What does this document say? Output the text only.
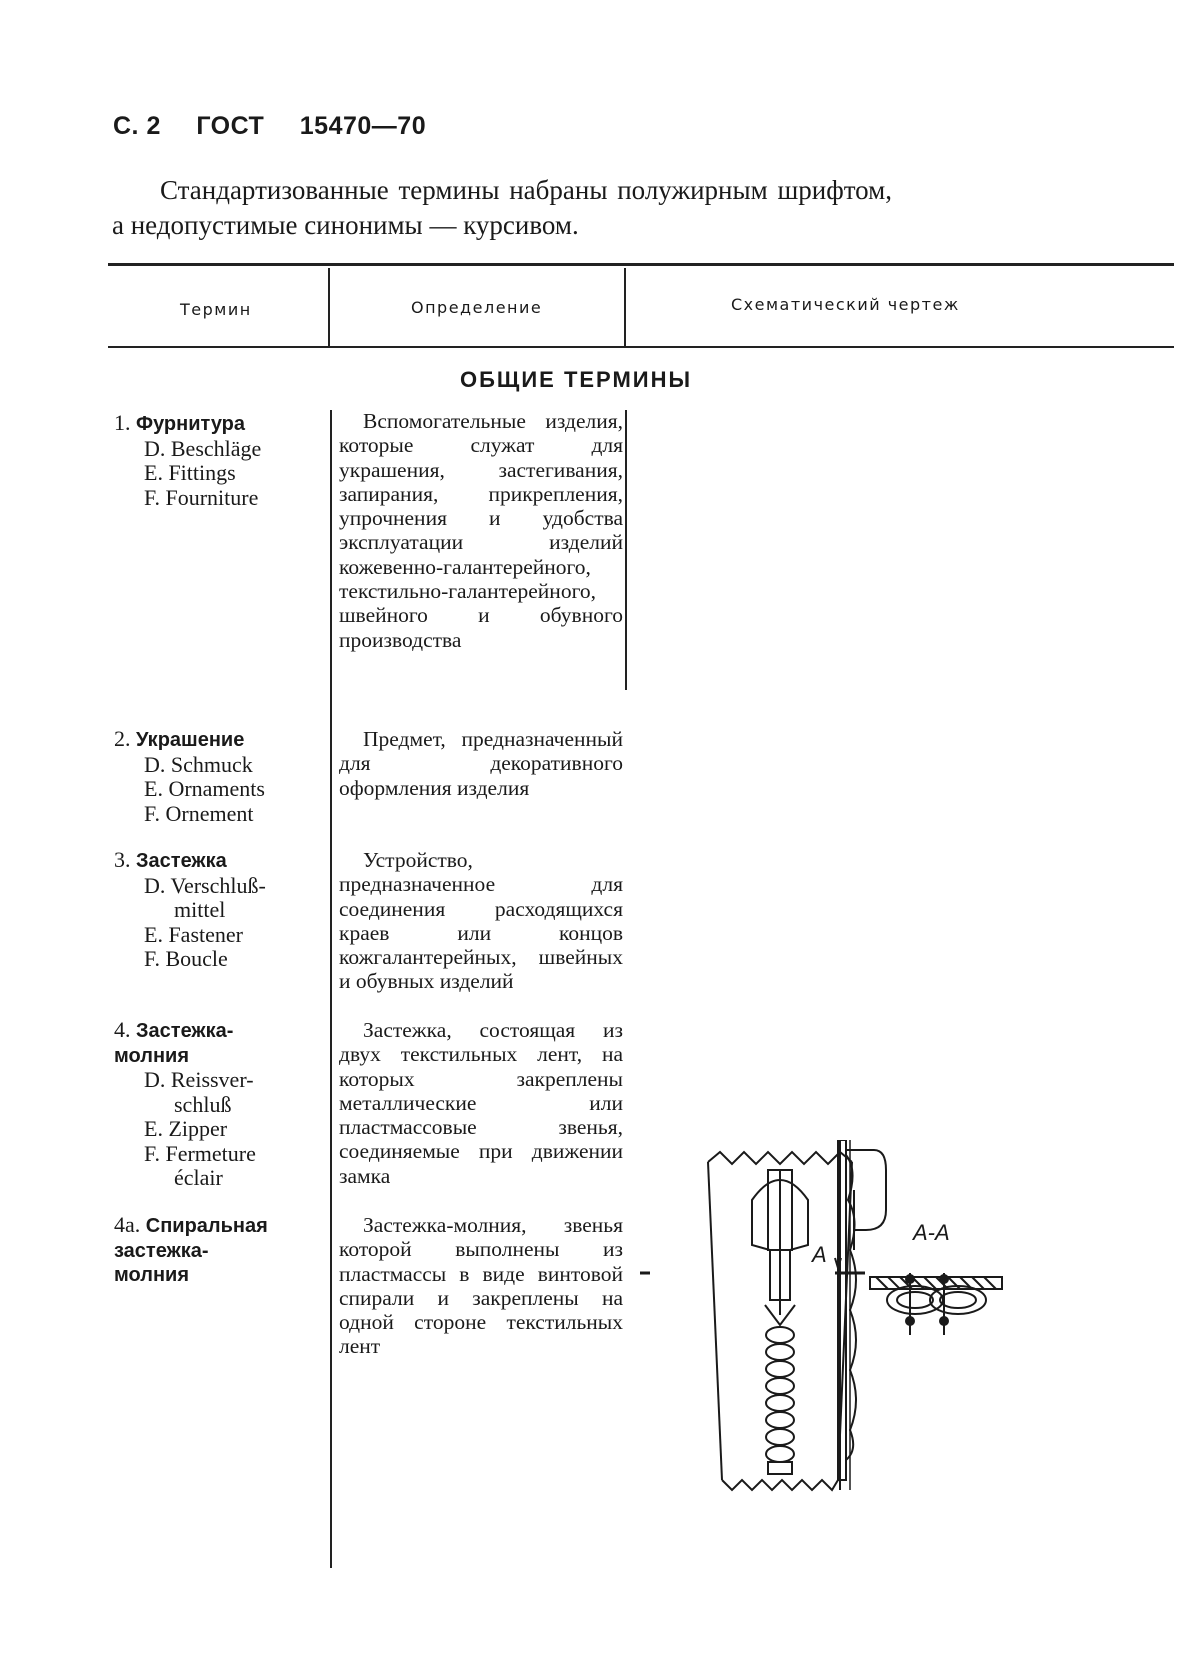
С. 2 ГОСТ 15470—70
Стандартизованные термины набраны полужирным шрифтом,
а недопустимые синонимы — курсивом.
Термин	Определение	Схематический чертеж
ОБЩИЕ ТЕРМИНЫ
1. Фурнитура
D. Beschläge
E. Fittings
F. Fourniture
Вспомогательные изделия, которые служат для украшения, застегивания, запирания, прикрепления, упрочнения и удобства эксплуатации изделий кожевенно-галантерейного, текстильно-галантерейного, швейного и обувного производства
2. Украшение
D. Schmuck
E. Ornaments
F. Ornement
Предмет, предназначенный для декоративного оформления изделия
3. Застежка
D. Verschluß-
mittel
E. Fastener
F. Boucle
Устройство, предназначенное для соединения расходящихся краев или концов кожгалантерейных, швейных и обувных изделий
4. Застежка-
молния
D. Reissver-
schluß
E. Zipper
F. Fermeture
éclair
Застежка, состоящая из двух текстильных лент, на которых закреплены металлические или пластмассовые звенья, соединяемые при движении замка
4а. Спиральная
застежка-
молния
Застежка-молния, звенья которой выполнены из пластмассы в виде винтовой спирали и закреплены на одной стороне текстильных лент
A
А-А
